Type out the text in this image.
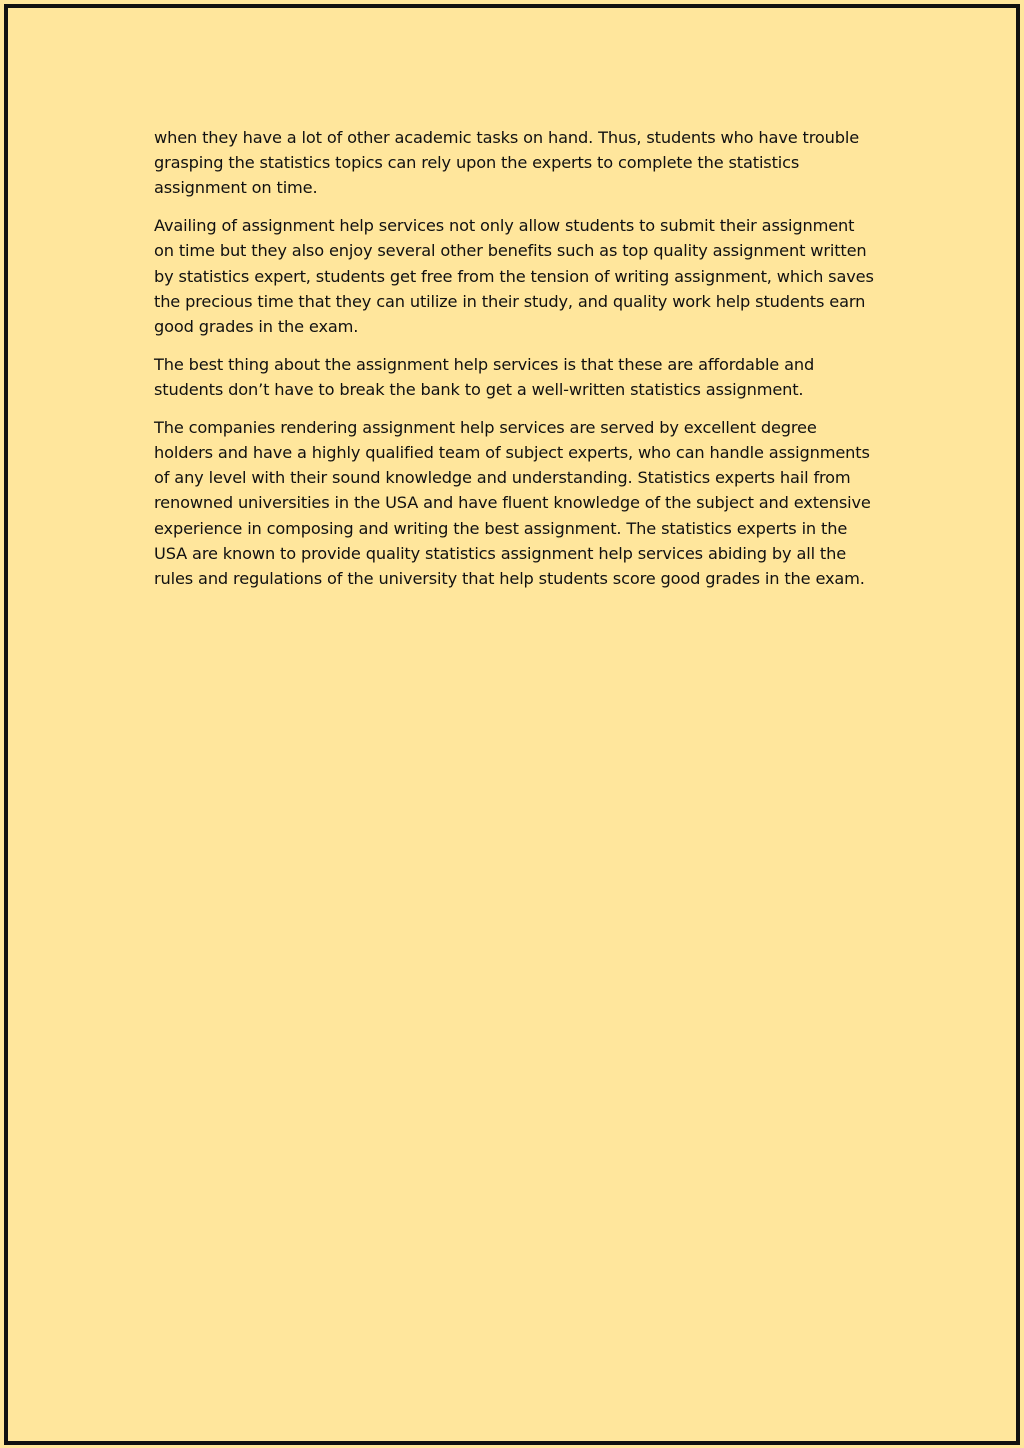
when they have a lot of other academic tasks on hand. Thus, students who have trouble grasping the statistics topics can rely upon the experts to complete the statistics assignment on time.

Availing of assignment help services not only allow students to submit their assignment on time but they also enjoy several other benefits such as top quality assignment written by statistics expert, students get free from the tension of writing assignment, which saves the precious time that they can utilize in their study, and quality work help students earn good grades in the exam.

The best thing about the assignment help services is that these are affordable and students don’t have to break the bank to get a well-written statistics assignment.

The companies rendering assignment help services are served by excellent degree holders and have a highly qualified team of subject experts, who can handle assignments of any level with their sound knowledge and understanding. Statistics experts hail from renowned universities in the USA and have fluent knowledge of the subject and extensive experience in composing and writing the best assignment. The statistics experts in the USA are known to provide quality statistics assignment help services abiding by all the rules and regulations of the university that help students score good grades in the exam.
